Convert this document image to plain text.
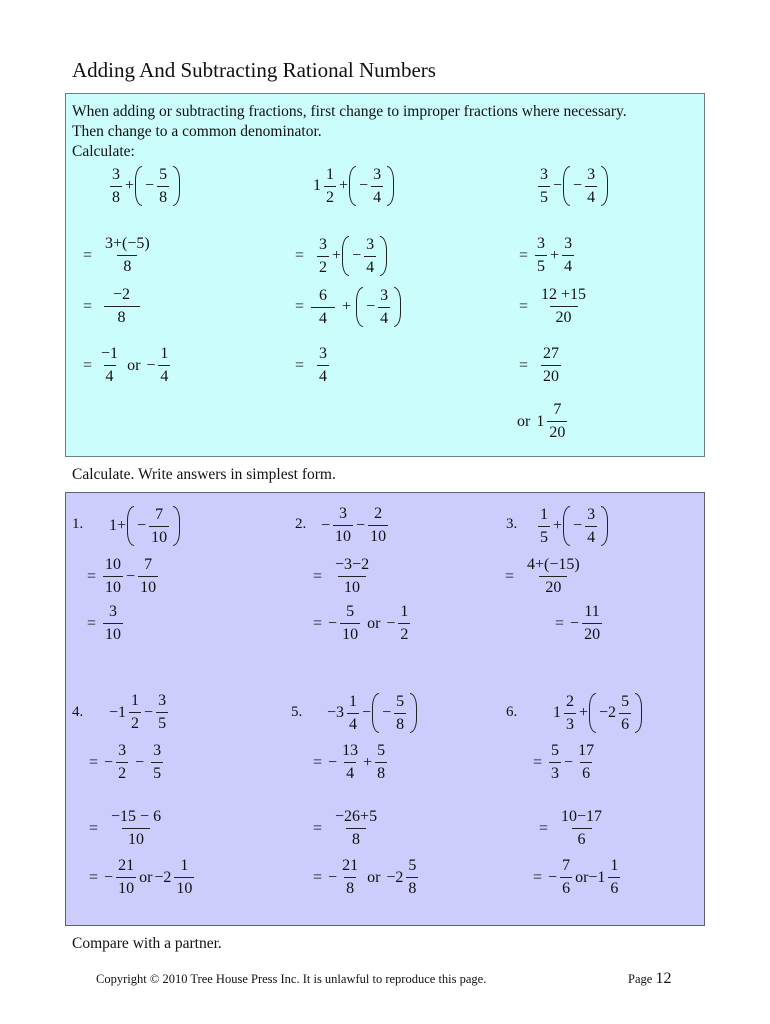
Adding And Subtracting Rational Numbers
When adding or subtracting fractions, first change to improper fractions where necessary.
Then change to a common denominator.
Calculate:
$\frac{3}{8}$ + − $\frac{5}{8}$
= $\frac{3+(-5)}{8}$
= $\frac{-2}{8}$
= $\frac{-1}{4}$ or − $\frac{1}{4}$
$1 \frac{1}{2}$ + − $\frac{3}{4}$
=
$\frac{3}{2}$ + − $\frac{3}{4}$
= $\frac{6}{4}$ + − $\frac{3}{4}$
=
$\frac{3}{4}$
$\frac{3}{5}$ − − $\frac{3}{4}$
= $\frac{3}{5} + \frac{3}{4}$
= $\frac{12 +15}{20}$
=
$\frac{27}{20}$
or $1 \frac{7}{20}$
Calculate. Write answers in simplest form.
1. $1+ - \frac{7}{10}$
= $\frac{10}{10} - \frac{7}{10}$
= $\frac{3}{10}$
2. − $\frac{3}{10} - \frac{2}{10}$
= $\frac{-3-2}{10}$
= − $\frac{5}{10}$ or − $\frac{1}{2}$
3. $\frac{1}{5}$ + − $\frac{3}{4}$
= $\frac{4+(-15)}{20}$
= − $\frac{11}{20}$
4. $-1 \frac{1}{2} - \frac{3}{5}$
= − $\frac{3}{2} - \frac{3}{5}$
= $\frac{-15 - 6}{10}$
= − $\frac{21}{10}$ or $-2 \frac{1}{10}$
5. $-3 \frac{1}{4}$ − − $\frac{5}{8}$
= − $\frac{13}{4} + \frac{5}{8}$
= $\frac{-26+5}{8}$
= − $\frac{21}{8}$ or $-2 \frac{5}{8}$
6. $1 \frac{2}{3} + -2 \frac{5}{6}$
= $\frac{5}{3} - \frac{17}{6}$
= $\frac{10-17}{6}$
= − $\frac{7}{6} or-1 \frac{1}{6}$
Compare with a partner.
Copyright © 2010 Tree House Press Inc. It is unlawful to reproduce this page.	Page 12
